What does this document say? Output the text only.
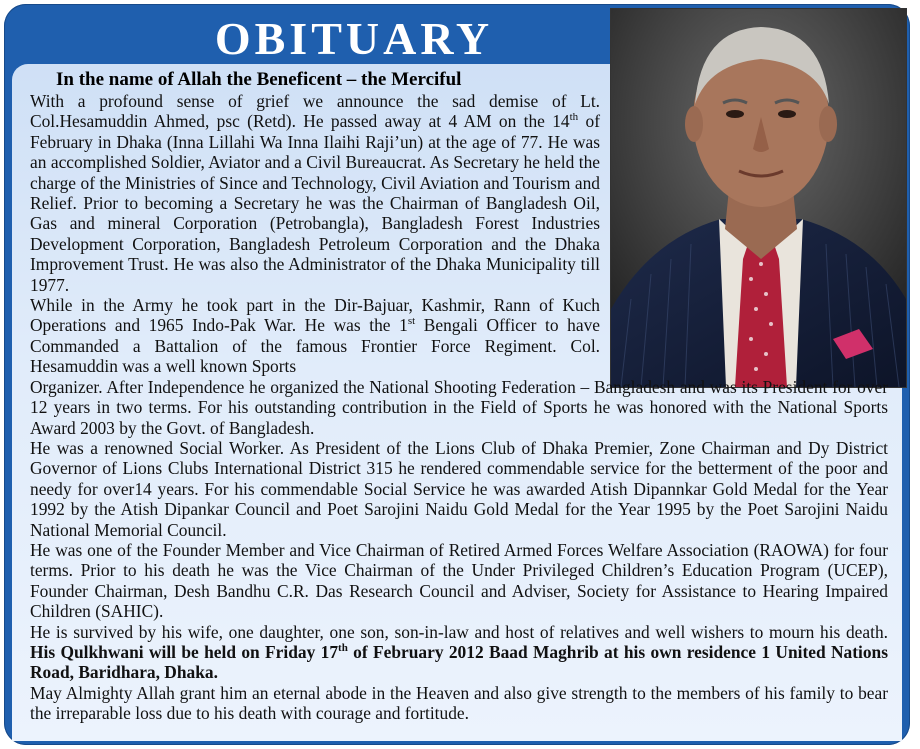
OBITUARY
In the name of Allah the Beneficent – the Merciful

With a profound sense of grief we announce the sad demise of Lt. Col.Hesamuddin Ahmed, psc (Retd). He passed away at 4 AM on the 14th of February in Dhaka (Inna Lillahi Wa Inna Ilaihi Raji’un) at the age of 77. He was an accomplished Soldier, Aviator and a Civil Bureaucrat. As Secretary he held the charge of the Ministries of Since and Technology, Civil Aviation and Tourism and Relief. Prior to becoming a Secretary he was the Chairman of Bangladesh Oil, Gas and mineral Corporation (Petrobangla), Bangladesh Forest Industries Development Corporation, Bangladesh Petroleum Corporation and the Dhaka Improvement Trust. He was also the Administrator of the Dhaka Municipality till 1977.

While in the Army he took part in the Dir-Bajuar, Kashmir, Rann of Kuch Operations and 1965 Indo-Pak War. He was the 1st Bengali Officer to have Commanded a Battalion of the famous Frontier Force Regiment. Col. Hesamuddin was a well known Sports

Organizer. After Independence he organized the National Shooting Federation – Bangladesh and was its President for over 12 years in two terms. For his outstanding contribution in the Field of Sports he was honored with the National Sports Award 2003 by the Govt. of Bangladesh.

He was a renowned Social Worker. As President of the Lions Club of Dhaka Premier, Zone Chairman and Dy District Governor of Lions Clubs International District 315 he rendered commendable service for the betterment of the poor and needy for over14 years. For his commendable Social Service he was awarded Atish Dipannkar Gold Medal for the Year 1992 by the Atish Dipankar Council and Poet Sarojini Naidu Gold Medal for the Year 1995 by the Poet Sarojini Naidu National Memorial Council.

He was one of the Founder Member and Vice Chairman of Retired Armed Forces Welfare Association (RAOWA) for four terms. Prior to his death he was the Vice Chairman of the Under Privileged Children’s Education Program (UCEP), Founder Chairman, Desh Bandhu C.R. Das Research Council and Adviser, Society for Assistance to Hearing Impaired Children (SAHIC).

He is survived by his wife, one daughter, one son, son-in-law and host of relatives and well wishers to mourn his death. His Qulkhwani will be held on Friday 17th of February 2012 Baad Maghrib at his own residence 1 United Nations Road, Baridhara, Dhaka.

May Almighty Allah grant him an eternal abode in the Heaven and also give strength to the members of his family to bear the irreparable loss due to his death with courage and fortitude.
